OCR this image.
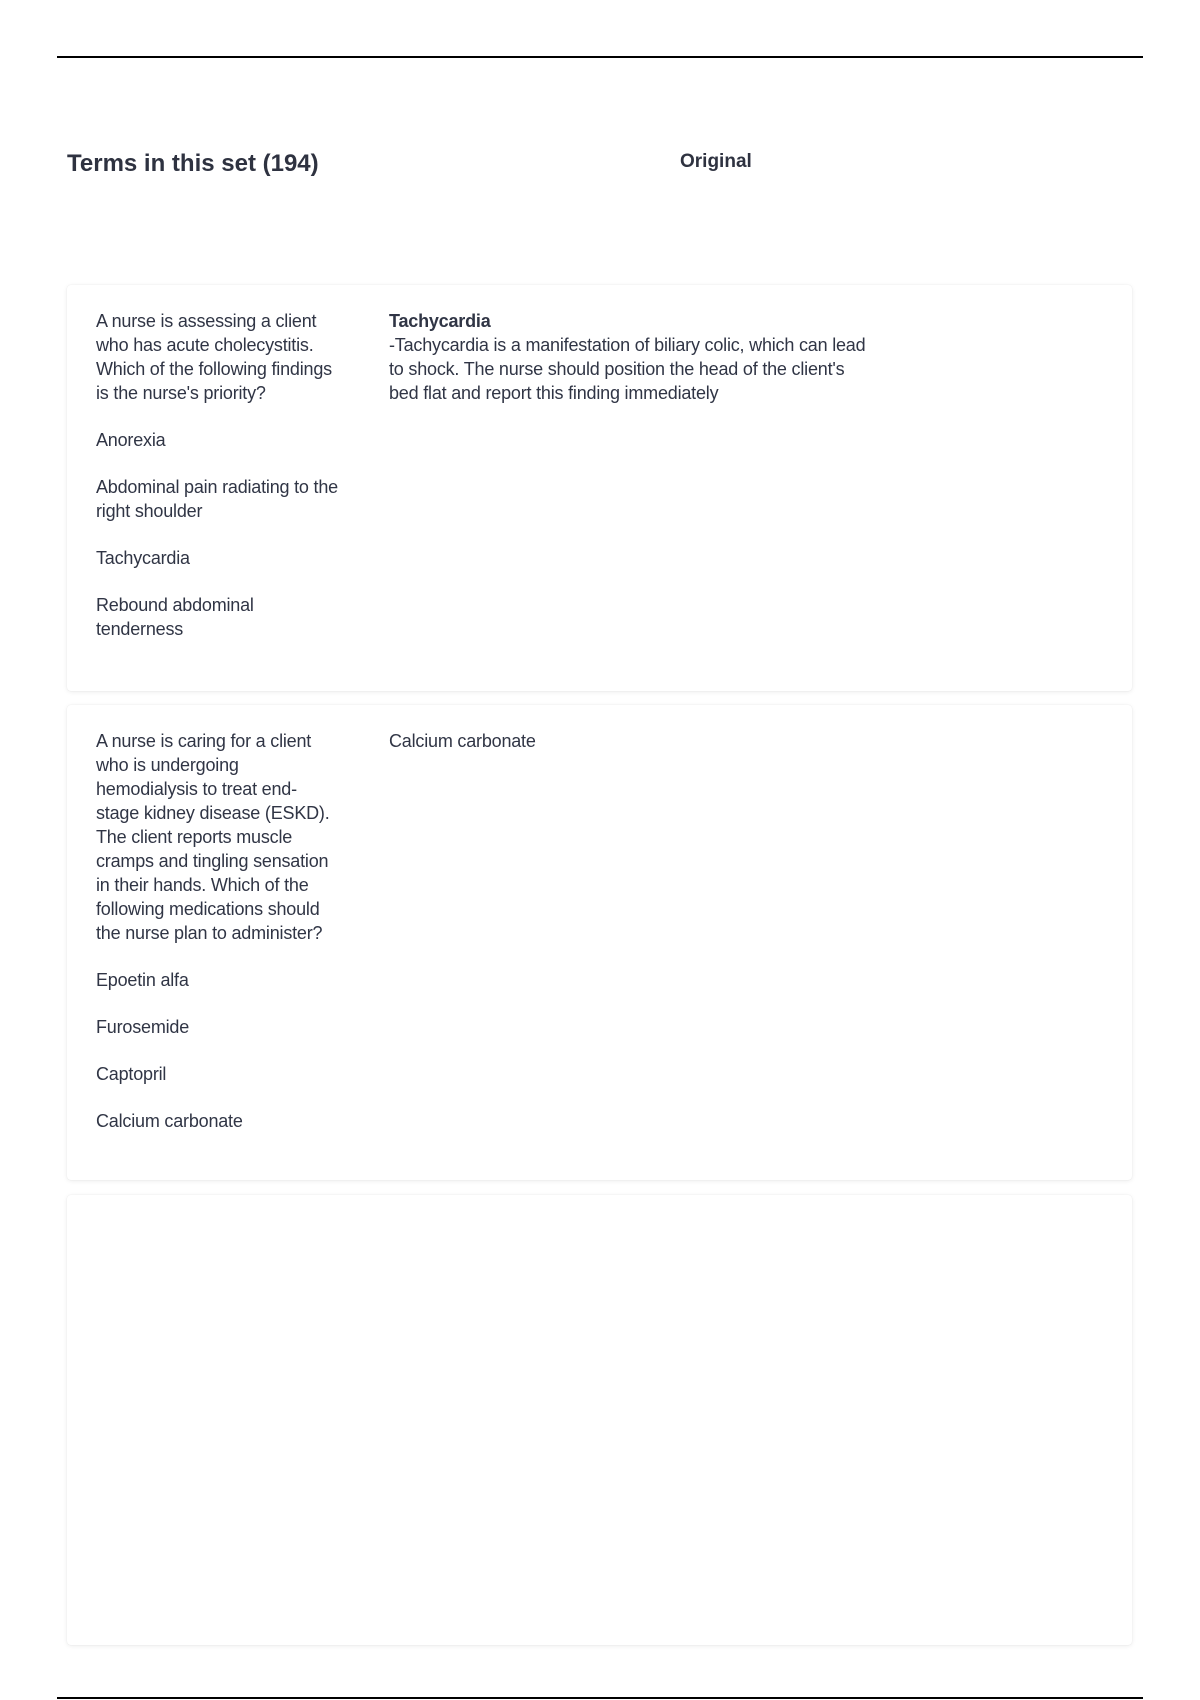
Terms in this set (194)	Original

A nurse is assessing a client who has acute cholecystitis. Which of the following findings is the nurse's priority?

Anorexia

Abdominal pain radiating to the right shoulder

Tachycardia

Rebound abdominal tenderness

Tachycardia
-Tachycardia is a manifestation of biliary colic, which can lead to shock. The nurse should position the head of the client's bed flat and report this finding immediately

A nurse is caring for a client who is undergoing hemodialysis to treat end-stage kidney disease (ESKD). The client reports muscle cramps and tingling sensation in their hands. Which of the following medications should the nurse plan to administer?

Epoetin alfa

Furosemide

Captopril

Calcium carbonate

Calcium carbonate
